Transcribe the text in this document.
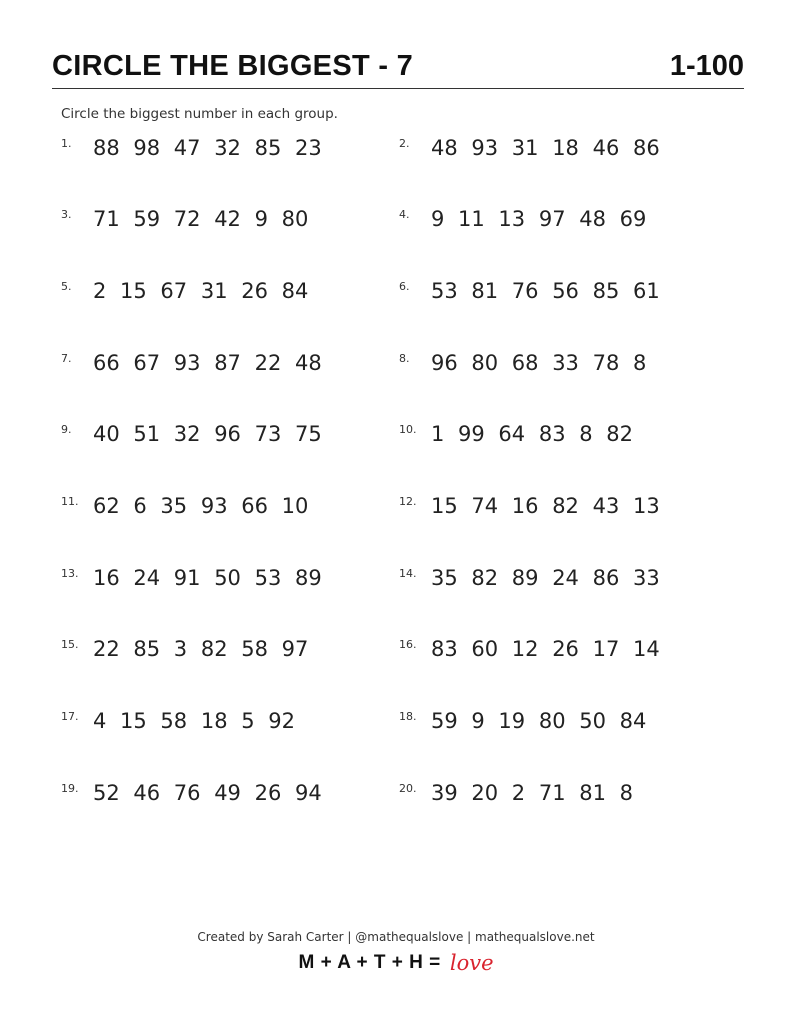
CIRCLE THE BIGGEST - 7	1-100
Circle the biggest number in each group.
1. 88 98 47 32 85 23
3. 71 59 72 42 9 80
5. 2 15 67 31 26 84
7. 66 67 93 87 22 48
9. 40 51 32 96 73 75
11. 62 6 35 93 66 10
13. 16 24 91 50 53 89
15. 22 85 3 82 58 97
17. 4 15 58 18 5 92
19. 52 46 76 49 26 94
2. 48 93 31 18 46 86
4. 9 11 13 97 48 69
6. 53 81 76 56 85 61
8. 96 80 68 33 78 8
10. 1 99 64 83 8 82
12. 15 74 16 82 43 13
14. 35 82 89 24 86 33
16. 83 60 12 26 17 14
18. 59 9 19 80 50 84
20. 39 20 2 71 81 8
Created by Sarah Carter | @mathequalslove | mathequalslove.net
M + A + T + H = love
